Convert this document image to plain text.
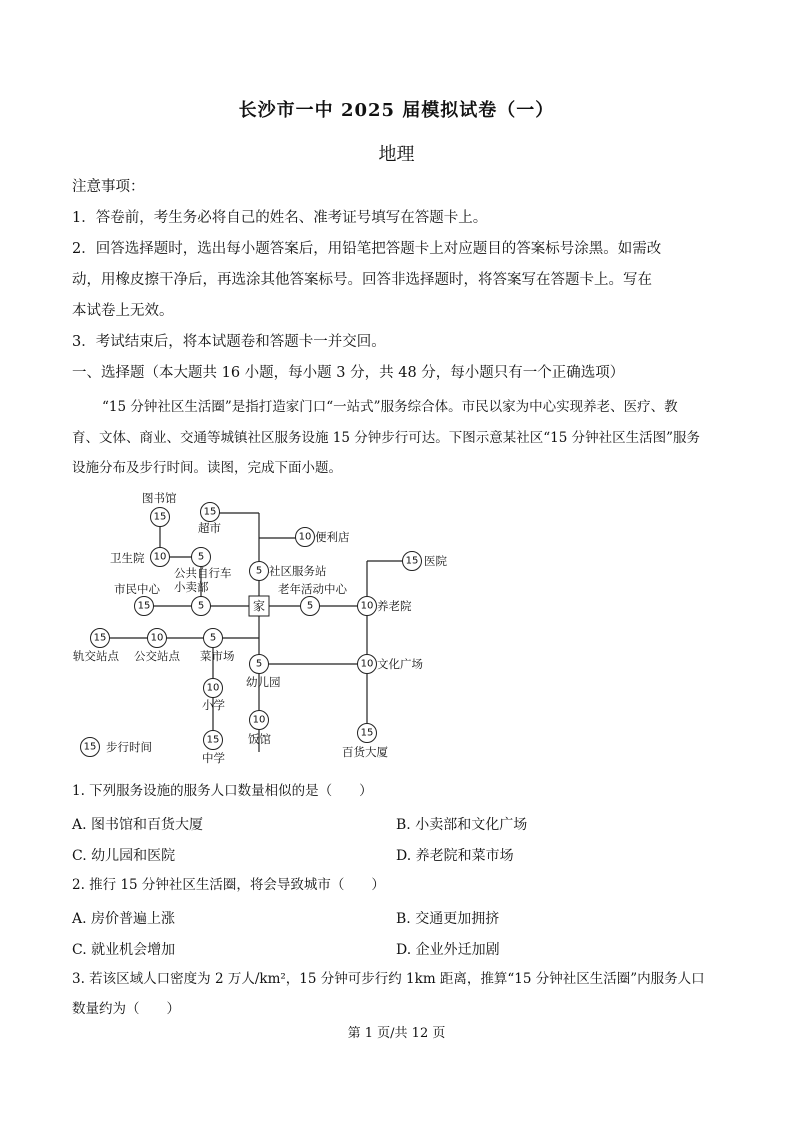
长沙市一中 2025 届模拟试卷（一）
地理
注意事项：
1．答卷前，考生务必将自己的姓名、准考证号填写在答题卡上。
2．回答选择题时，选出每小题答案后，用铅笔把答题卡上对应题目的答案标号涂黑。如需改
动，用橡皮擦干净后，再选涂其他答案标号。回答非选择题时，将答案写在答题卡上。写在
本试卷上无效。
3．考试结束后，将本试题卷和答题卡一并交回。
一、选择题（本大题共 16 小题，每小题 3 分，共 48 分，每小题只有一个正确选项）
“15 分钟社区生活圈”是指打造家门口“一站式”服务综合体。市民以家为中心实现养老、医疗、教
育、文体、商业、交通等城镇社区服务设施 15 分钟步行可达。下图示意某社区“15 分钟社区生活图”服务
设施分布及步行时间。读图，完成下面小题。
15	15
10
15
10	5
5
15	5	5	10
15	10	5
5	10
10
15
10
15
15
家
图书馆
超市
便利店
医院
卫生院
公共自行车
小卖部
社区服务站
市民中心	老年活动中心
养老院
轨交站点 公交站点 菜市场
幼儿园
文化广场
小学
中学
饭馆
百货大厦
步行时间
1. 下列服务设施的服务人口数量相似的是（　　）
A. 图书馆和百货大厦	B. 小卖部和文化广场
C. 幼儿园和医院	D. 养老院和菜市场
2. 推行 15 分钟社区生活圈，将会导致城市（　　）
A. 房价普遍上涨	B. 交通更加拥挤
C. 就业机会增加	D. 企业外迁加剧
3. 若该区域人口密度为 2 万人/km²，15 分钟可步行约 1km 距离，推算“15 分钟社区生活圈”内服务人口
数量约为（　　）
第 1 页/共 12 页
